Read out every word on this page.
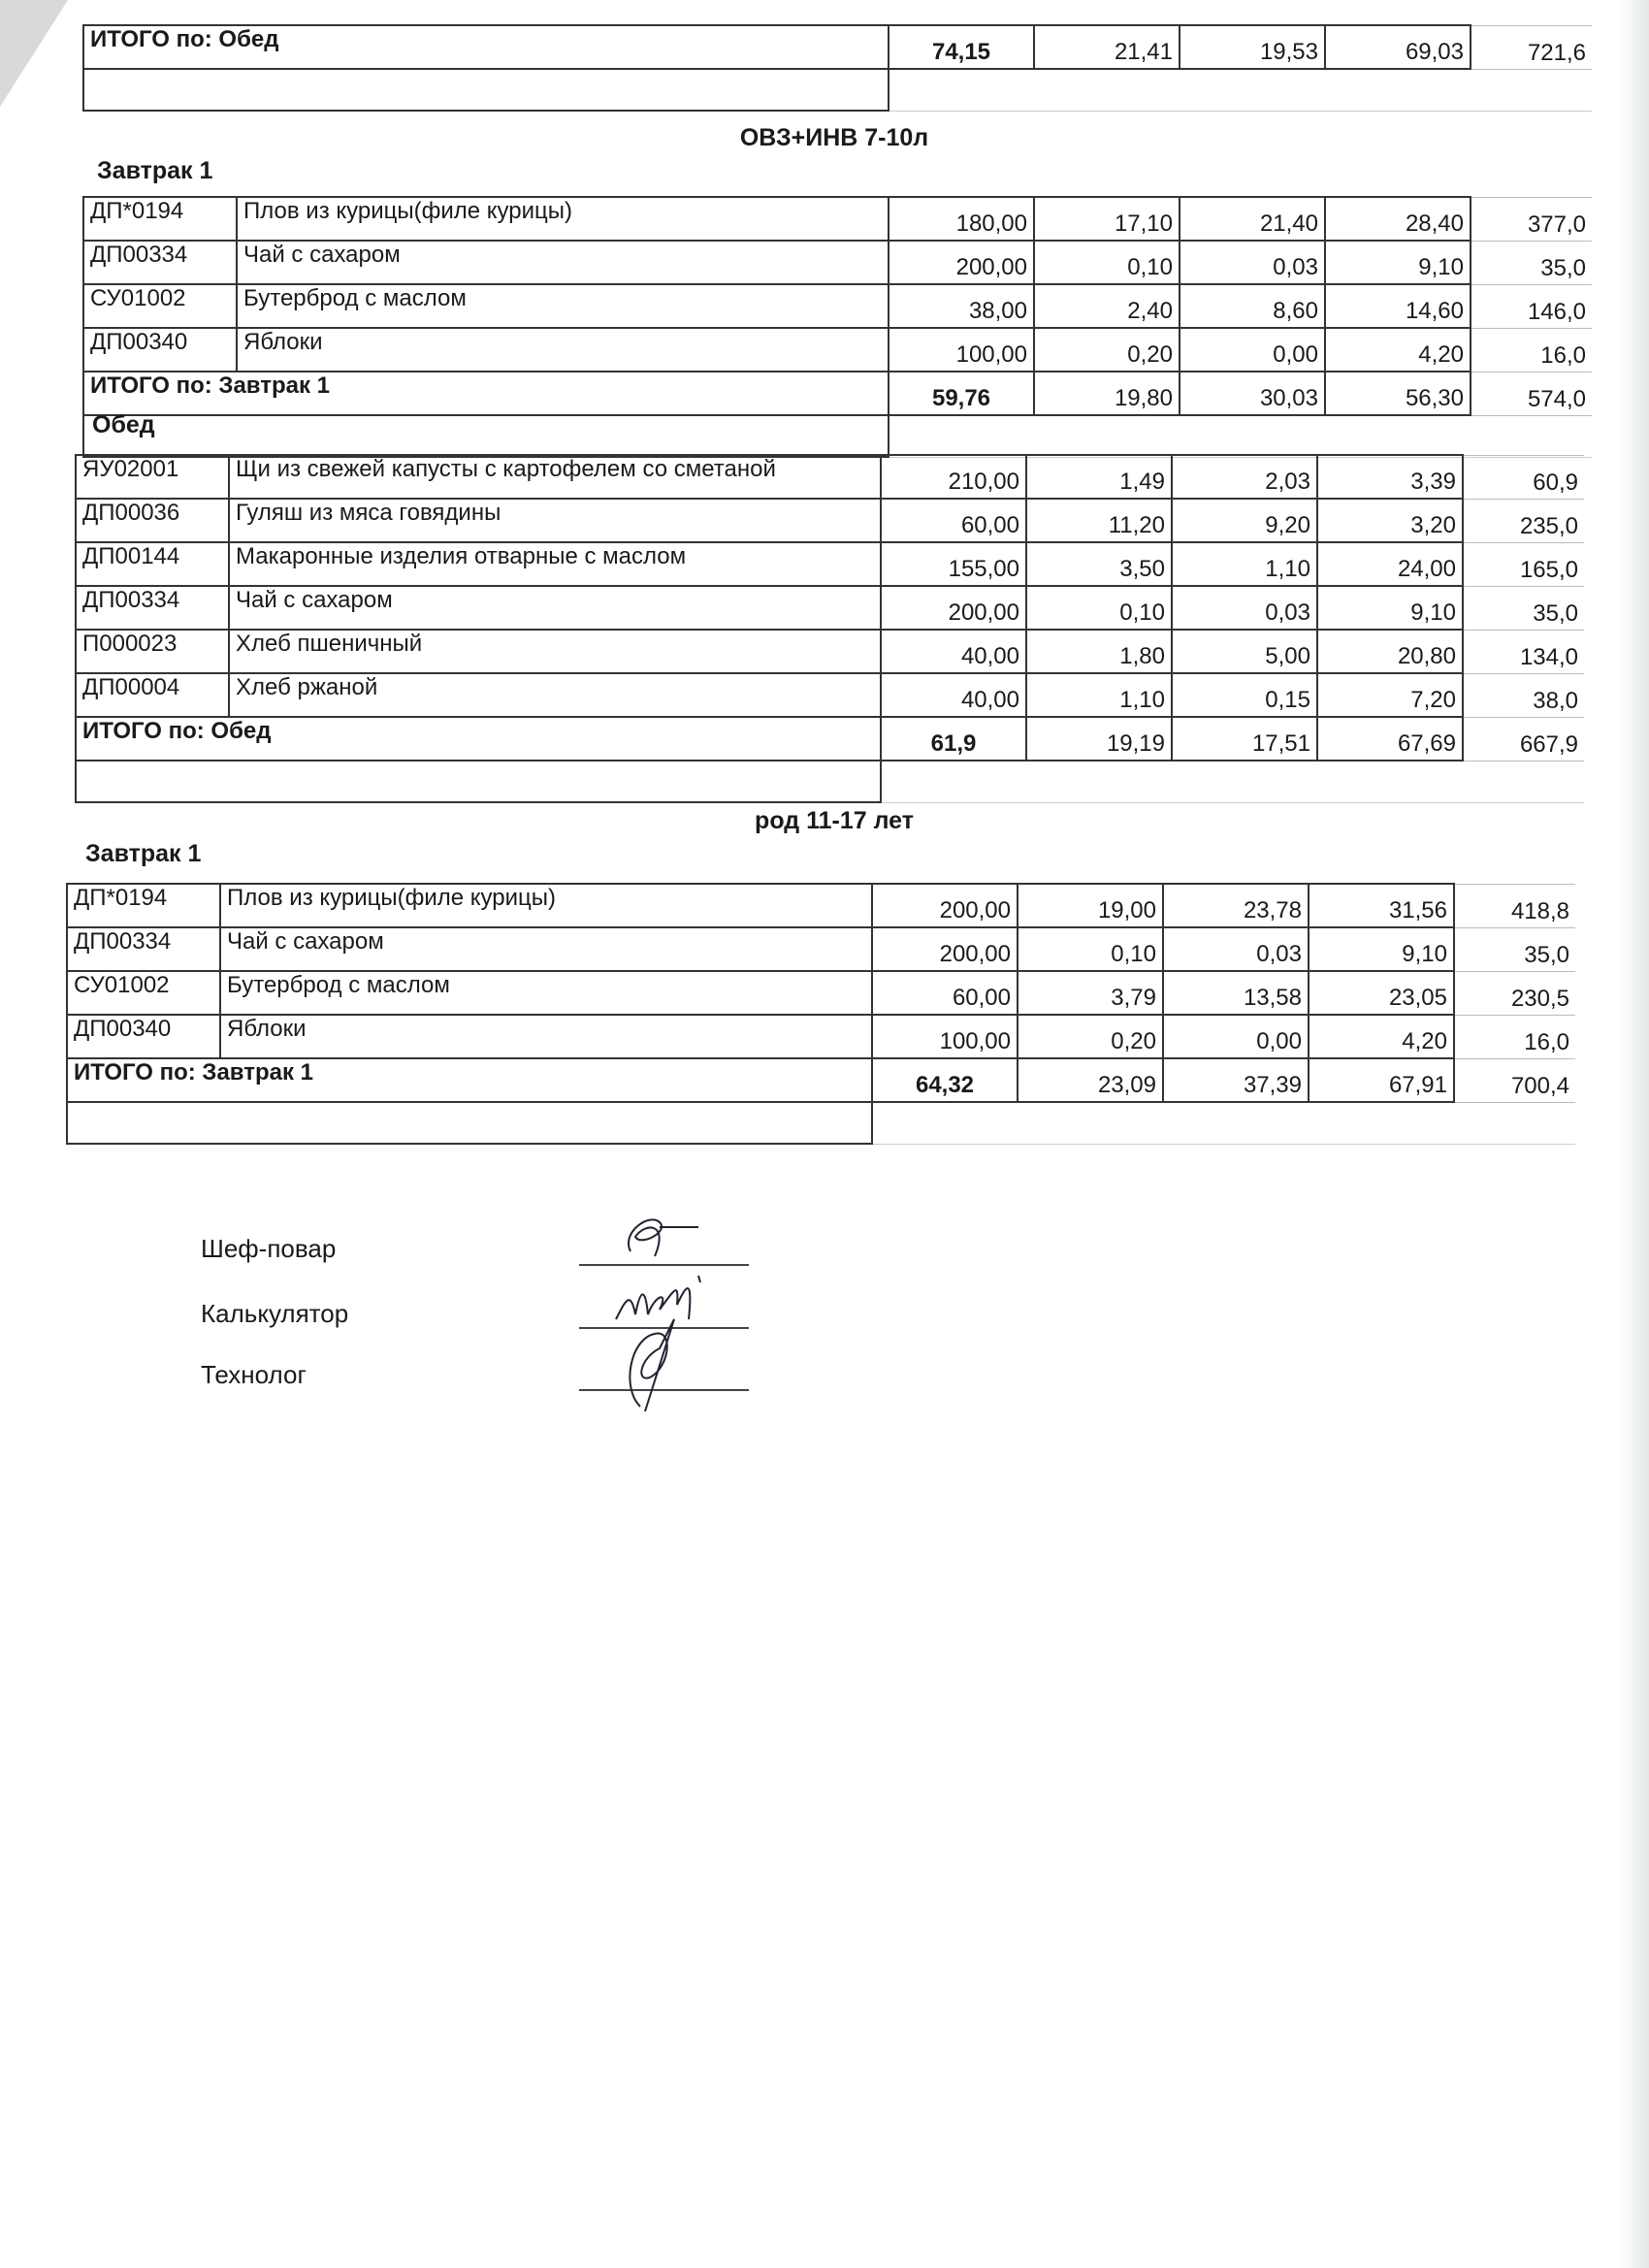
ИТОГО по: Обед	74,15	21,41	19,53	69,03	721,6

ОВЗ+ИНВ 7-10л
Завтрак 1
ДП*0194	Плов из курицы(филе курицы)	180,00	17,10	21,40	28,40	377,0
ДП00334	Чай с сахаром	200,00	0,10	0,03	9,10	35,0
СУ01002	Бутерброд с маслом	38,00	2,40	8,60	14,60	146,0
ДП00340	Яблоки	100,00	0,20	0,00	4,20	16,0
ИТОГО по: Завтрак 1		59,76	19,80	30,03	56,30	574,0

Обед
ЯУ02001	Щи из свежей капусты с картофелем со сметаной	210,00	1,49	2,03	3,39	60,9
ДП00036	Гуляш из мяса говядины	60,00	11,20	9,20	3,20	235,0
ДП00144	Макаронные изделия отварные с маслом	155,00	3,50	1,10	24,00	165,0
ДП00334	Чай с сахаром	200,00	0,10	0,03	9,10	35,0
П000023	Хлеб пшеничный	40,00	1,80	5,00	20,80	134,0
ДП00004	Хлеб ржаной	40,00	1,10	0,15	7,20	38,0
ИТОГО по: Обед		61,9	19,19	17,51	67,69	667,9

род 11-17 лет
Завтрак 1
ДП*0194	Плов из курицы(филе курицы)	200,00	19,00	23,78	31,56	418,8
ДП00334	Чай с сахаром	200,00	0,10	0,03	9,10	35,0
СУ01002	Бутерброд с маслом	60,00	3,79	13,58	23,05	230,5
ДП00340	Яблоки	100,00	0,20	0,00	4,20	16,0
ИТОГО по: Завтрак 1		64,32	23,09	37,39	67,91	700,4

Шеф-повар
Калькулятор
Технолог
